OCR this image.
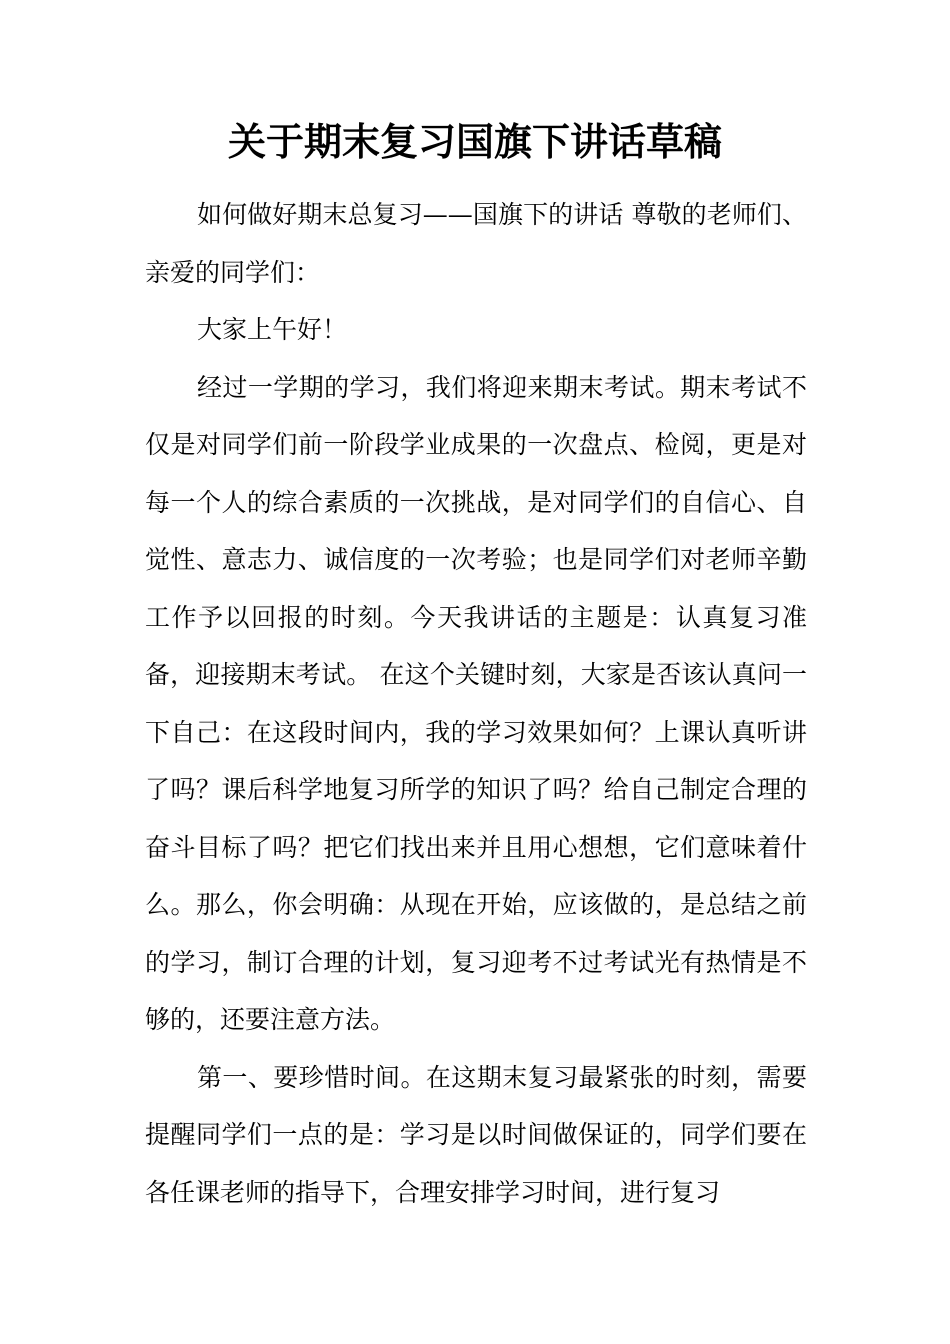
关于期末复习国旗下讲话草稿

如何做好期末总复习——国旗下的讲话 尊敬的老师们、亲爱的同学们：

大家上午好！

经过一学期的学习，我们将迎来期末考试。期末考试不仅是对同学们前一阶段学业成果的一次盘点、检阅，更是对每一个人的综合素质的一次挑战，是对同学们的自信心、自觉性、意志力、诚信度的一次考验；也是同学们对老师辛勤工作予以回报的时刻。今天我讲话的主题是：认真复习准备，迎接期末考试。 在这个关键时刻，大家是否该认真问一下自己：在这段时间内，我的学习效果如何？上课认真听讲了吗？课后科学地复习所学的知识了吗？给自己制定合理的奋斗目标了吗？把它们找出来并且用心想想，它们意味着什么。那么，你会明确：从现在开始，应该做的，是总结之前的学习，制订合理的计划，复习迎考不过考试光有热情是不够的，还要注意方法。

第一、要珍惜时间。在这期末复习最紧张的时刻，需要提醒同学们一点的是：学习是以时间做保证的，同学们要在各任课老师的指导下，合理安排学习时间，进行复习
